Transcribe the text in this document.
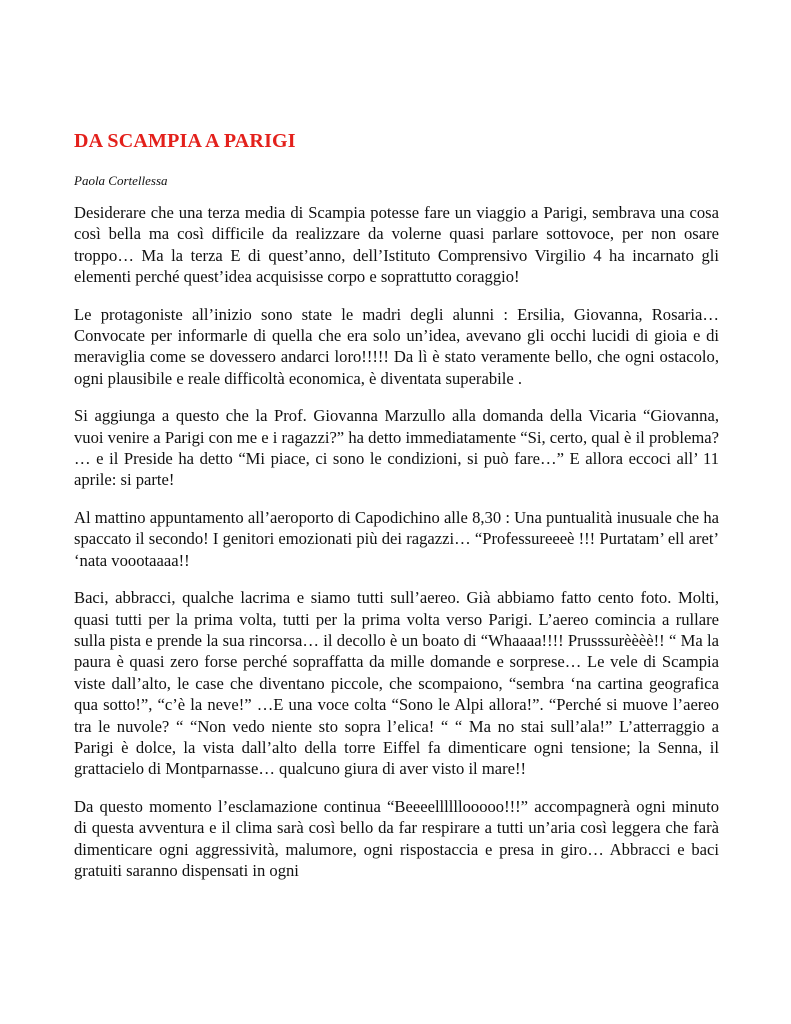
DA SCAMPIA A PARIGI

Paola Cortellessa

Desiderare che una terza media di Scampia potesse fare un viaggio a Parigi, sembrava una cosa così bella ma così difficile da realizzare da volerne quasi parlare sottovoce, per non osare troppo… Ma la terza E di quest’anno, dell’Istituto Comprensivo Virgilio 4 ha incarnato gli elementi perché quest’idea acquisisse corpo e soprattutto coraggio!

Le protagoniste all’inizio sono state le madri degli alunni : Ersilia, Giovanna, Rosaria… Convocate per informarle di quella che era solo un’idea, avevano gli occhi lucidi di gioia e di meraviglia come se dovessero andarci loro!!!!! Da lì è stato veramente bello, che ogni ostacolo, ogni plausibile e reale difficoltà economica, è diventata superabile .

Si aggiunga a questo che la Prof. Giovanna Marzullo alla domanda della Vicaria “Giovanna, vuoi venire a Parigi con me e i ragazzi?” ha detto immediatamente “Si, certo, qual è il problema? … e il Preside ha detto “Mi piace, ci sono le condizioni, si può fare…” E allora eccoci all’ 11 aprile: si parte!

Al mattino appuntamento all’aeroporto di Capodichino alle 8,30 : Una puntualità inusuale che ha spaccato il secondo! I genitori emozionati più dei ragazzi… “Professureeeè !!! Purtatam’ ell aret’ ‘nata voootaaaa!!

Baci, abbracci, qualche lacrima e siamo tutti sull’aereo. Già abbiamo fatto cento foto. Molti, quasi tutti per la prima volta, tutti per la prima volta verso Parigi. L’aereo comincia a rullare sulla pista e prende la sua rincorsa… il decollo è un boato di “Whaaaa!!!! Prusssurèèèè!! “ Ma la paura è quasi zero forse perché sopraffatta da mille domande e sorprese… Le vele di Scampia viste dall’alto, le case che diventano piccole, che scompaiono, “sembra ‘na cartina geografica qua sotto!”, “c’è la neve!” …E una voce colta “Sono le Alpi allora!”. “Perché si muove l’aereo tra le nuvole? “ “Non vedo niente sto sopra l’elica! “ “ Ma no stai sull’ala!” L’atterraggio a Parigi è dolce, la vista dall’alto della torre Eiffel fa dimenticare ogni tensione; la Senna, il grattacielo di Montparnasse… qualcuno giura di aver visto il mare!!

Da questo momento l’esclamazione continua “Beeeellllllooooo!!!” accompagnerà ogni minuto di questa avventura e il clima sarà così bello da far respirare a tutti un’aria così leggera che farà dimenticare ogni aggressività, malumore, ogni rispostaccia e presa in giro… Abbracci e baci gratuiti saranno dispensati in ogni
